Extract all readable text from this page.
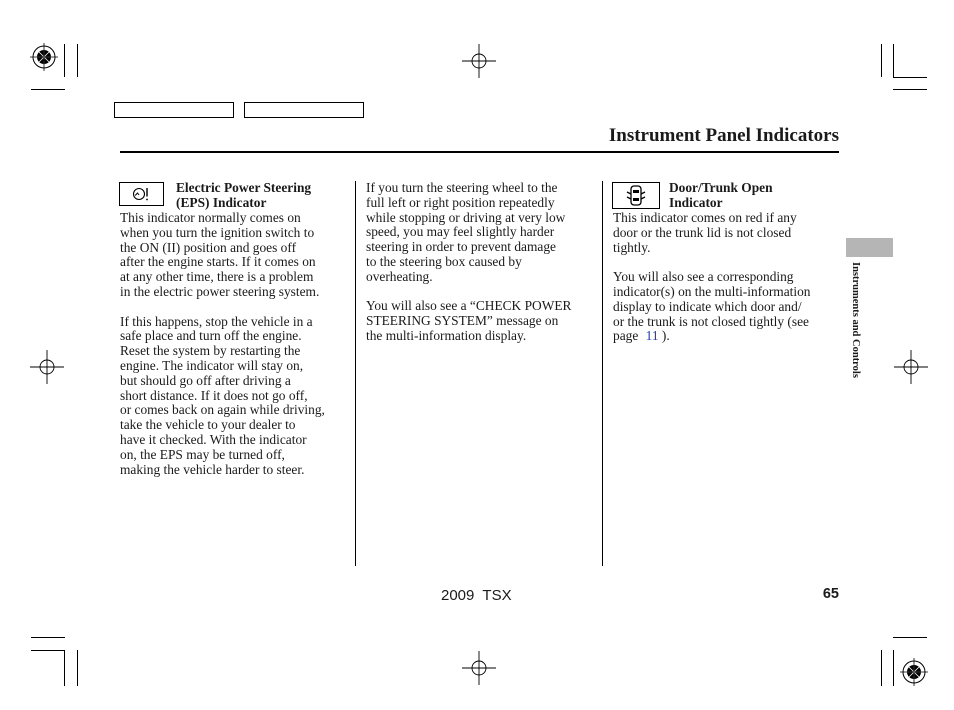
Instrument Panel Indicators
Electric Power Steering
(EPS) Indicator

This indicator normally comes on

when you turn the ignition switch to

the ON (II) position and goes off

after the engine starts. If it comes on

at any other time, there is a problem

in the electric power steering system.

If this happens, stop the vehicle in a

safe place and turn off the engine.

Reset the system by restarting the

engine. The indicator will stay on,

but should go off after driving a

short distance. If it does not go off,

or comes back on again while driving,

take the vehicle to your dealer to

have it checked. With the indicator

on, the EPS may be turned off,

making the vehicle harder to steer.

If you turn the steering wheel to the

full left or right position repeatedly

while stopping or driving at very low

speed, you may feel slightly harder

steering in order to prevent damage

to the steering box caused by

overheating.

You will also see a “CHECK POWER

STEERING SYSTEM” message on

the multi-information display.

Door/Trunk Open
Indicator

This indicator comes on red if any

door or the trunk lid is not closed

tightly.

You will also see a corresponding

indicator(s) on the multi-information

display to indicate which door and/

or the trunk is not closed tightly (see

page 11 ).	Instruments and Controls
2009  TSX	65
